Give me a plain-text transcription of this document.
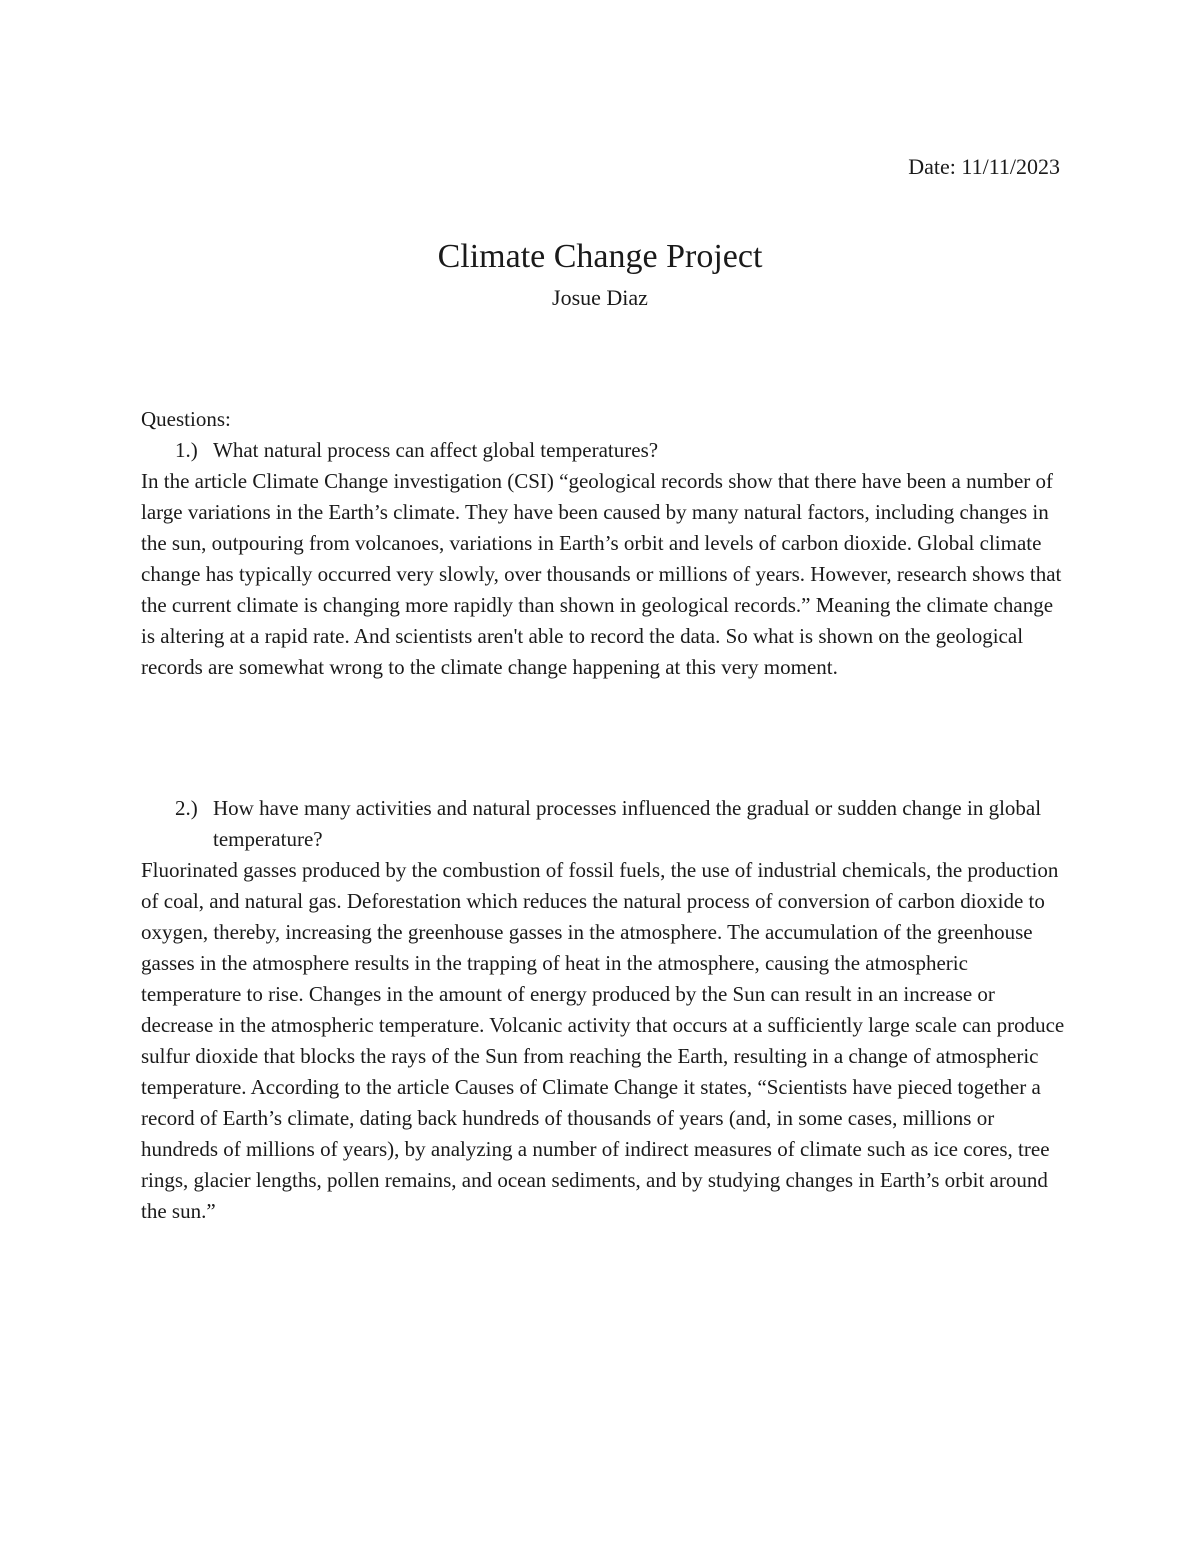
Date: 11/11/2023
Climate Change Project
Josue Diaz

Questions:

1.) What natural process can affect global temperatures?

In the article Climate Change investigation (CSI) “geological records show that there have been a number of large variations in the Earth’s climate. They have been caused by many natural factors, including changes in the sun, outpouring from volcanoes, variations in Earth’s orbit and levels of carbon dioxide. Global climate change has typically occurred very slowly, over thousands or millions of years. However, research shows that the current climate is changing more rapidly than shown in geological records.” Meaning the climate change is altering at a rapid rate. And scientists aren't able to record the data. So what is shown on the geological records are somewhat wrong to the climate change happening at this very moment.

2.) How have many activities and natural processes influenced the gradual or sudden change in global temperature?

Fluorinated gasses produced by the combustion of fossil fuels, the use of industrial chemicals, the production of coal, and natural gas. Deforestation which reduces the natural process of conversion of carbon dioxide to oxygen, thereby, increasing the greenhouse gasses in the atmosphere. The accumulation of the greenhouse gasses in the atmosphere results in the trapping of heat in the atmosphere, causing the atmospheric temperature to rise. Changes in the amount of energy produced by the Sun can result in an increase or decrease in the atmospheric temperature. Volcanic activity that occurs at a sufficiently large scale can produce sulfur dioxide that blocks the rays of the Sun from reaching the Earth, resulting in a change of atmospheric temperature. According to the article Causes of Climate Change it states, “Scientists have pieced together a record of Earth’s climate, dating back hundreds of thousands of years (and, in some cases, millions or hundreds of millions of years), by analyzing a number of indirect measures of climate such as ice cores, tree rings, glacier lengths, pollen remains, and ocean sediments, and by studying changes in Earth’s orbit around the sun.”
